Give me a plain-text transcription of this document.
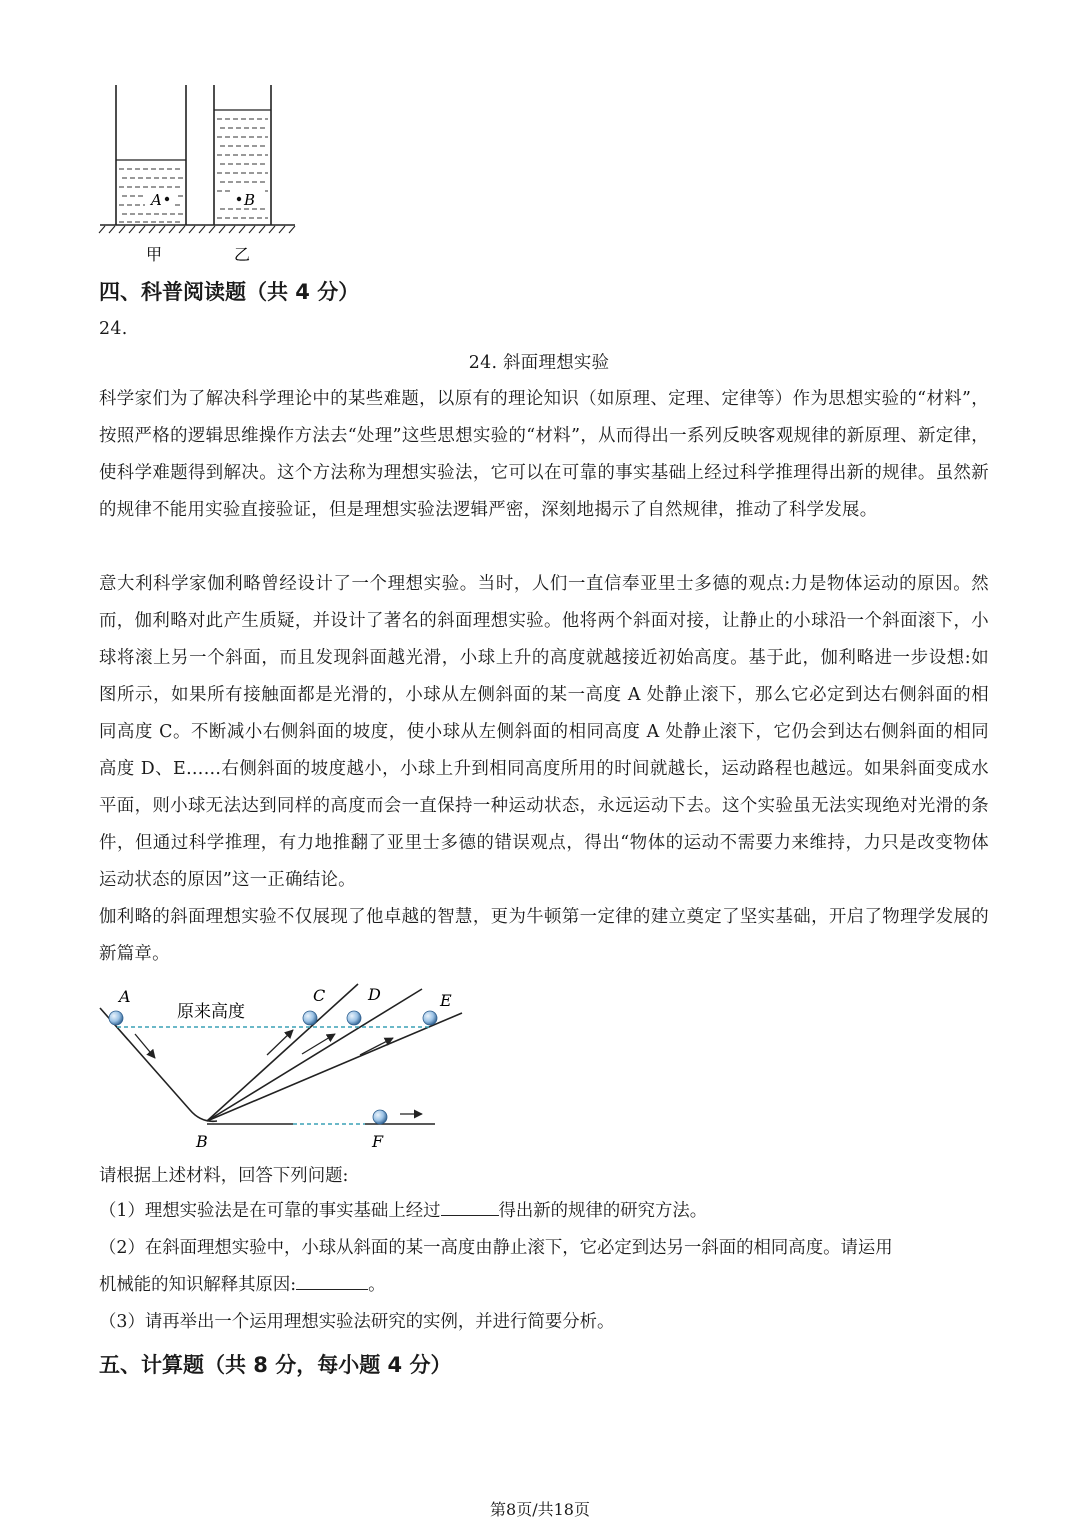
A	B
甲	乙
四、科普阅读题（共 4 分）
24.
24. 斜面理想实验

科学家们为了解决科学理论中的某些难题，以原有的理论知识（如原理、定理、定律等）作为思想实验的“材料”，按照严格的逻辑思维操作方法去“处理”这些思想实验的“材料”，从而得出一系列反映客观规律的新原理、新定律，使科学难题得到解决。这个方法称为理想实验法，它可以在可靠的事实基础上经过科学推理得出新的规律。虽然新的规律不能用实验直接验证，但是理想实验法逻辑严密，深刻地揭示了自然规律，推动了科学发展。

意大利科学家伽利略曾经设计了一个理想实验。当时，人们一直信奉亚里士多德的观点:力是物体运动的原因。然而，伽利略对此产生质疑，并设计了著名的斜面理想实验。他将两个斜面对接，让静止的小球沿一个斜面滚下，小球将滚上另一个斜面，而且发现斜面越光滑，小球上升的高度就越接近初始高度。基于此，伽利略进一步设想:如图所示，如果所有接触面都是光滑的，小球从左侧斜面的某一高度 A 处静止滚下，那么它必定到达右侧斜面的相同高度 C。不断减小右侧斜面的坡度，使小球从左侧斜面的相同高度 A 处静止滚下，它仍会到达右侧斜面的相同高度 D、E……右侧斜面的坡度越小，小球上升到相同高度所用的时间就越长，运动路程也越远。如果斜面变成水平面，则小球无法达到同样的高度而会一直保持一种运动状态，永远运动下去。这个实验虽无法实现绝对光滑的条件，但通过科学推理，有力地推翻了亚里士多德的错误观点，得出“物体的运动不需要力来维持，力只是改变物体运动状态的原因”这一正确结论。

伽利略的斜面理想实验不仅展现了他卓越的智慧，更为牛顿第一定律的建立奠定了坚实基础，开启了物理学发展的新篇章。

A
原来高度
C	D	E
B	F
请根据上述材料，回答下列问题:
（1）理想实验法是在可靠的事实基础上经过	得出新的规律的研究方法。
（2）在斜面理想实验中，小球从斜面的某一高度由静止滚下，它必定到达另一斜面的相同高度。请运用
机械能的知识解释其原因:	。
（3）请再举出一个运用理想实验法研究的实例，并进行简要分析。
五、计算题（共 8 分，每小题 4 分）
第8页/共18页
